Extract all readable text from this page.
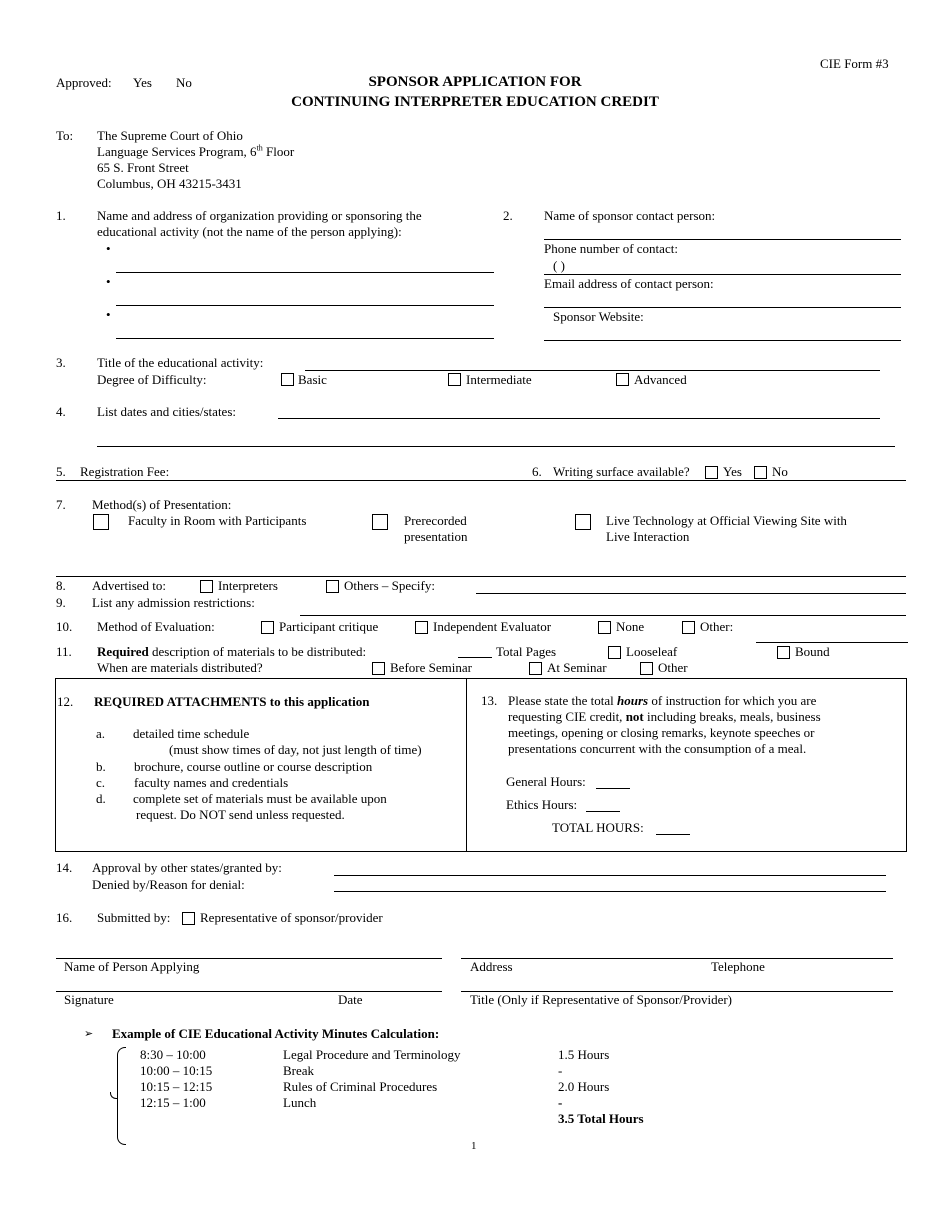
CIE Form #3
Approved: Yes No	SPONSOR APPLICATION FOR
CONTINUING INTERPRETER EDUCATION CREDIT
To: The Supreme Court of Ohio
Language Services Program, 6th Floor
65 S. Front Street
Columbus, OH 43215-3431
1. Name and address of organization providing or sponsoring the
educational activity (not the name of the person applying):
•
•
•
2. Name of sponsor contact person:
Phone number of contact:
( )
Email address of contact person:
Sponsor Website:
3. Title of the educational activity:
Degree of Difficulty:	Basic	Intermediate	Advanced
4. List dates and cities/states:
5. Registration Fee:	6. Writing surface available?	Yes No
7. Method(s) of Presentation:
Faculty in Room with Participants	Prerecorded
presentation
Live Technology at Official Viewing Site with
Live Interaction
8. Advertised to:	Interpreters	Others – Specify:
9. List any admission restrictions:
10. Method of Evaluation:	Participant critique	Independent Evaluator	None	Other:
11. Required description of materials to be distributed:	Total Pages	Looseleaf	Bound
When are materials distributed?	Before Seminar	At Seminar	Other
12. REQUIRED ATTACHMENTS to this application
a. detailed time schedule
(must show times of day, not just length of time)
b. brochure, course outline or course description
c. faculty names and credentials
d. complete set of materials must be available upon
request. Do NOT send unless requested.
13. Please state the total hours of instruction for which you are
requesting CIE credit, not including breaks, meals, business
meetings, opening or closing remarks, keynote speeches or
presentations concurrent with the consumption of a meal.
General Hours:
Ethics Hours:
TOTAL HOURS:
14. Approval by other states/granted by:
Denied by/Reason for denial:
16. Submitted by: Representative of sponsor/provider
Name of Person Applying	Address	Telephone
Signature	Date	Title (Only if Representative of Sponsor/Provider)
➢ Example of CIE Educational Activity Minutes Calculation:
8:30 – 10:00	Legal Procedure and Terminology	1.5 Hours
10:00 – 10:15	Break	-
10:15 – 12:15	Rules of Criminal Procedures	2.0 Hours
12:15 – 1:00	Lunch	-
3.5 Total Hours
1
